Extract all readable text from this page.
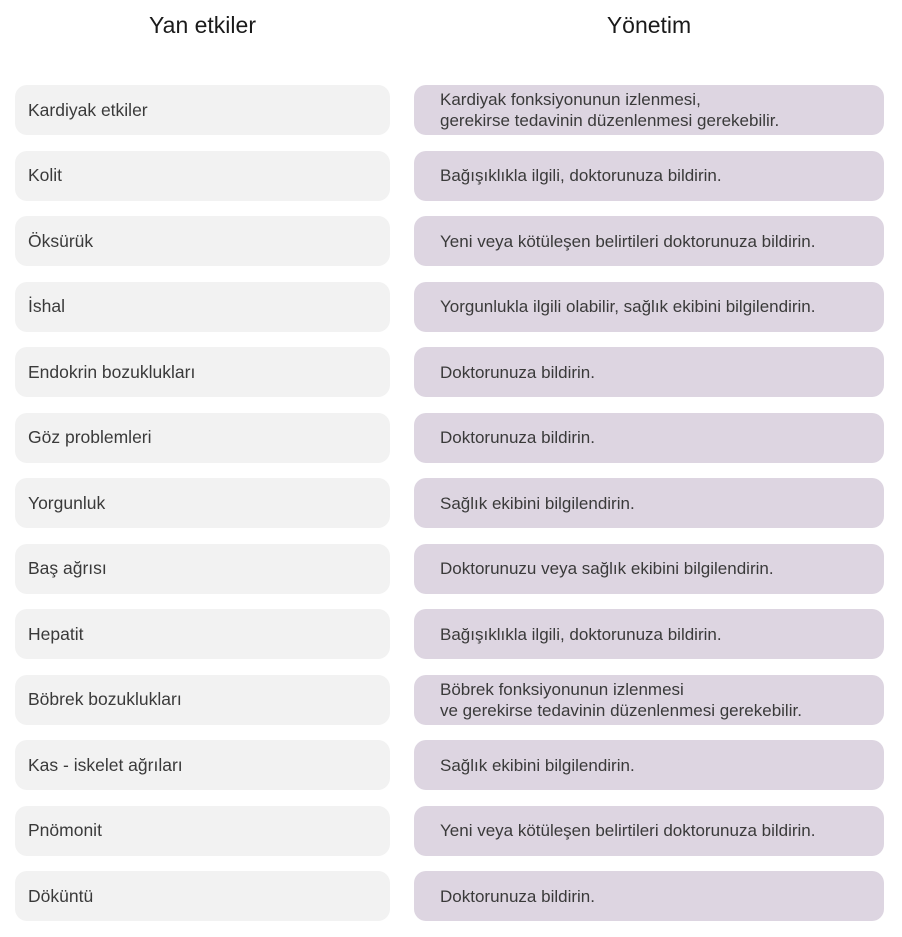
Yan etkiler	Yönetim
Kardiyak etkiler	Kardiyak fonksiyonunun izlenmesi,
gerekirse tedavinin düzenlenmesi gerekebilir.
Kolit	Bağışıklıkla ilgili, doktorunuza bildirin.
Öksürük	Yeni veya kötüleşen belirtileri doktorunuza bildirin.
İshal	Yorgunlukla ilgili olabilir, sağlık ekibini bilgilendirin.
Endokrin bozuklukları	Doktorunuza bildirin.
Göz problemleri	Doktorunuza bildirin.
Yorgunluk	Sağlık ekibini bilgilendirin.
Baş ağrısı	Doktorunuzu veya sağlık ekibini bilgilendirin.
Hepatit	Bağışıklıkla ilgili, doktorunuza bildirin.
Böbrek bozuklukları	Böbrek fonksiyonunun izlenmesi
ve gerekirse tedavinin düzenlenmesi gerekebilir.
Kas - iskelet ağrıları	Sağlık ekibini bilgilendirin.
Pnömonit	Yeni veya kötüleşen belirtileri doktorunuza bildirin.
Döküntü	Doktorunuza bildirin.
